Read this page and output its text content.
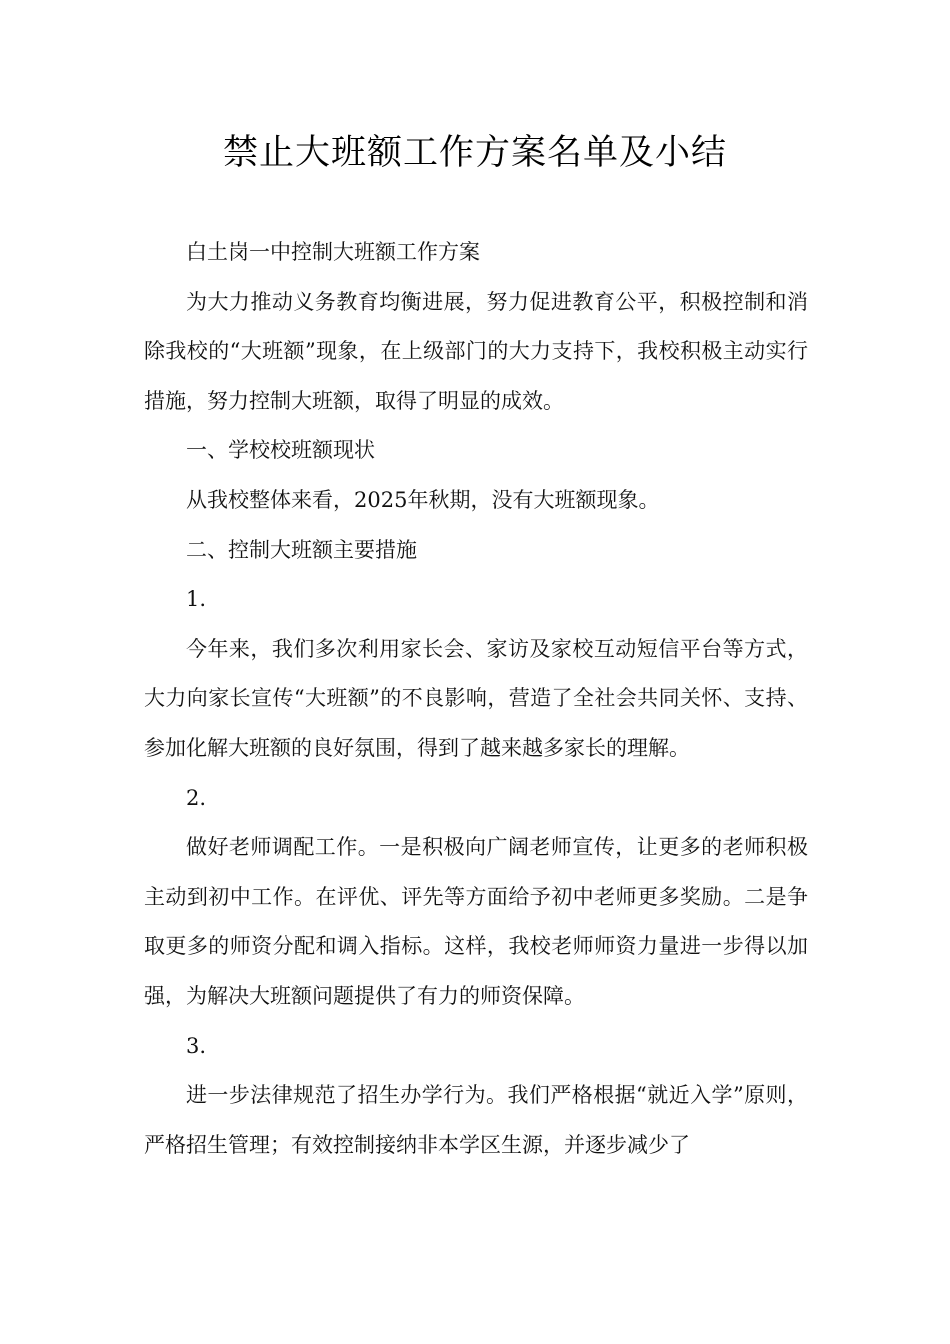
禁止大班额工作方案名单及小结

白土岗一中控制大班额工作方案

为大力推动义务教育均衡进展，努力促进教育公平，积极控制和消除我校的“大班额”现象，在上级部门的大力支持下，我校积极主动实行措施，努力控制大班额，取得了明显的成效。

一、学校校班额现状

从我校整体来看，2025年秋期，没有大班额现象。

二、控制大班额主要措施

1.

今年来，我们多次利用家长会、家访及家校互动短信平台等方式，大力向家长宣传“大班额”的不良影响，营造了全社会共同关怀、支持、参加化解大班额的良好氛围，得到了越来越多家长的理解。

2.

做好老师调配工作。一是积极向广阔老师宣传，让更多的老师积极主动到初中工作。在评优、评先等方面给予初中老师更多奖励。二是争取更多的师资分配和调入指标。这样，我校老师师资力量进一步得以加强，为解决大班额问题提供了有力的师资保障。

3.

进一步法律规范了招生办学行为。我们严格根据“就近入学”原则，严格招生管理；有效控制接纳非本学区生源，并逐步减少了
